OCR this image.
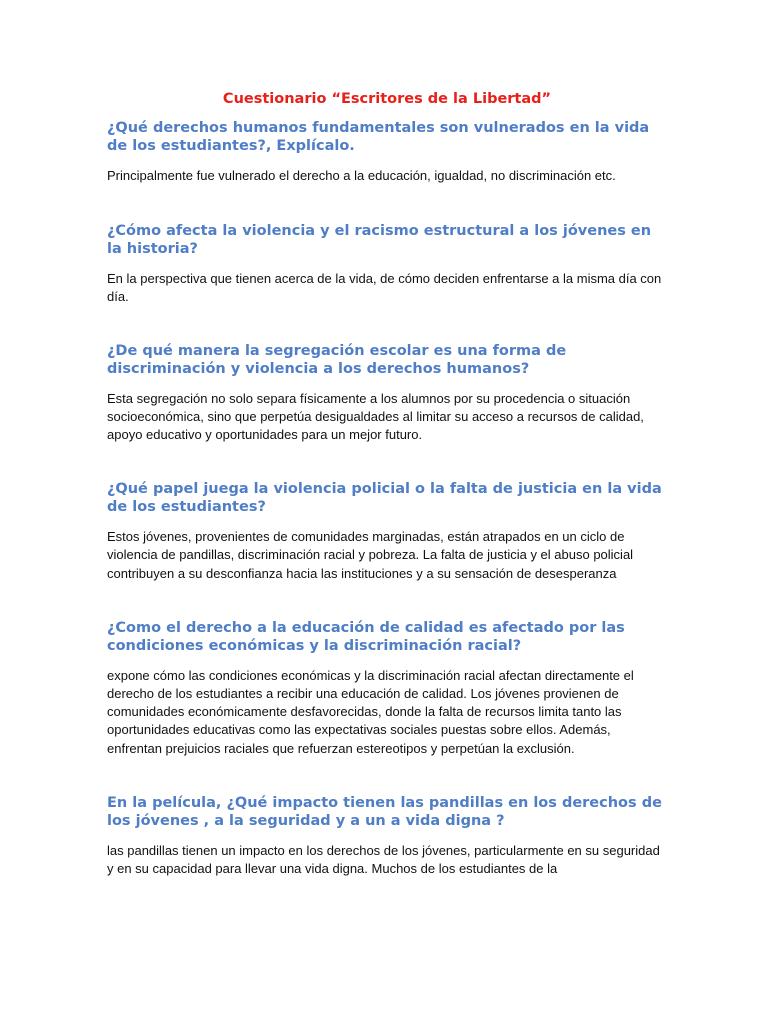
Cuestionario “Escritores de la Libertad”
¿Qué derechos humanos fundamentales son vulnerados en la vida de los estudiantes?, Explícalo.

Principalmente fue vulnerado el derecho a la educación, igualdad, no discriminación etc.

¿Cómo afecta la violencia y el racismo estructural a los jóvenes en la historia?

En la perspectiva que tienen acerca de la vida, de cómo deciden enfrentarse a la misma día con día.

¿De qué manera la segregación escolar es una forma de discriminación y violencia a los derechos humanos?

Esta segregación no solo separa físicamente a los alumnos por su procedencia o situación socioeconómica, sino que perpetúa desigualdades al limitar su acceso a recursos de calidad, apoyo educativo y oportunidades para un mejor futuro.

¿Qué papel juega la violencia policial o la falta de justicia en la vida de los estudiantes?

Estos jóvenes, provenientes de comunidades marginadas, están atrapados en un ciclo de violencia de pandillas, discriminación racial y pobreza. La falta de justicia y el abuso policial contribuyen a su desconfianza hacia las instituciones y a su sensación de desesperanza

¿Como el derecho a la educación de calidad es afectado por las condiciones económicas y la discriminación racial?

expone cómo las condiciones económicas y la discriminación racial afectan directamente el derecho de los estudiantes a recibir una educación de calidad. Los jóvenes provienen de comunidades económicamente desfavorecidas, donde la falta de recursos limita tanto las oportunidades educativas como las expectativas sociales puestas sobre ellos. Además, enfrentan prejuicios raciales que refuerzan estereotipos y perpetúan la exclusión.

En la película, ¿Qué impacto tienen las pandillas en los derechos de los jóvenes , a la seguridad y a un a vida digna ?

las pandillas tienen un impacto en los derechos de los jóvenes, particularmente en su seguridad y en su capacidad para llevar una vida digna. Muchos de los estudiantes de la
